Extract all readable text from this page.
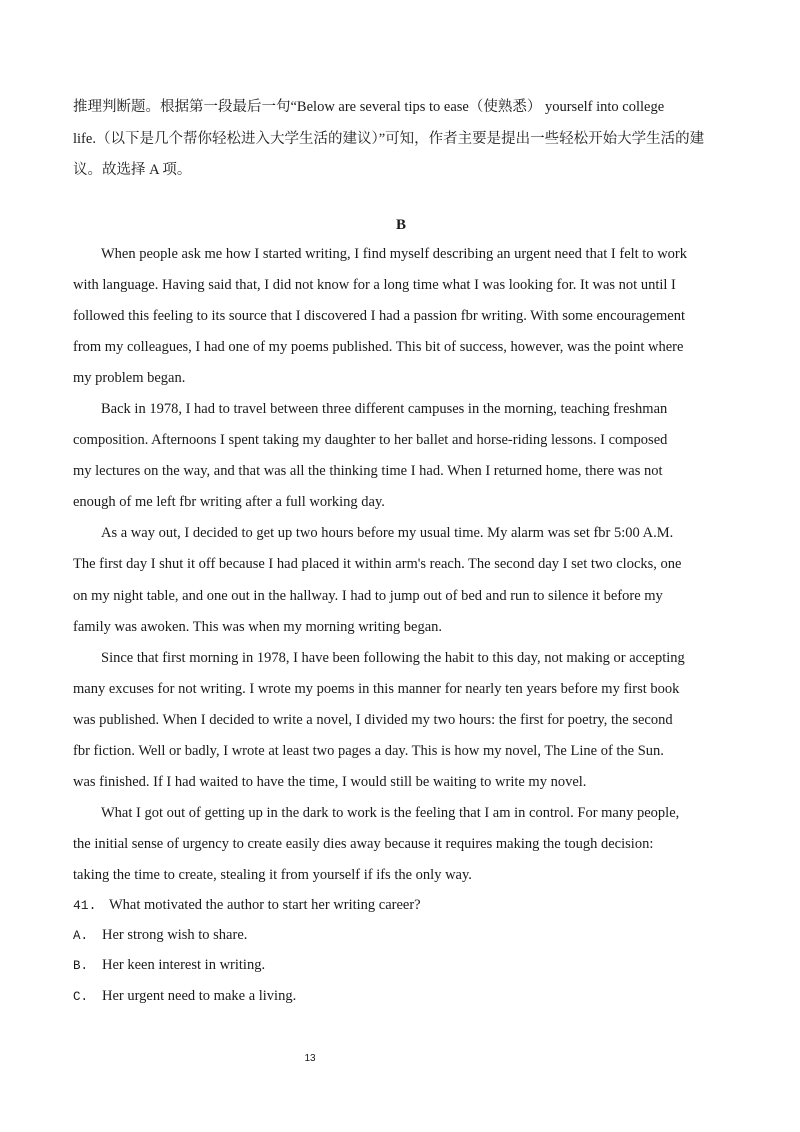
推理判断题。根据第一段最后一句“Below are several tips to ease（使熟悉） yourself into college
life.（以下是几个帮你轻松进入大学生活的建议）”可知，作者主要是提出一些轻松开始大学生活的建
议。故选择 A 项。
B
When people ask me how I started writing, I find myself describing an urgent need that I felt to work
with language. Having said that, I did not know for a long time what I was looking for. It was not until I
followed this feeling to its source that I discovered I had a passion fbr writing. With some encouragement
from my colleagues, I had one of my poems published. This bit of success, however, was the point where
my problem began.
Back in 1978, I had to travel between three different campuses in the morning, teaching freshman
composition. Afternoons I spent taking my daughter to her ballet and horse-riding lessons. I composed
my lectures on the way, and that was all the thinking time I had. When I returned home, there was not
enough of me left fbr writing after a full working day.
As a way out, I decided to get up two hours before my usual time. My alarm was set fbr 5:00 A.M.
The first day I shut it off because I had placed it within arm's reach. The second day I set two clocks, one
on my night table, and one out in the hallway. I had to jump out of bed and run to silence it before my
family was awoken. This was when my morning writing began.
Since that first morning in 1978, I have been following the habit to this day, not making or accepting
many excuses for not writing. I wrote my poems in this manner for nearly ten years before my first book
was published. When I decided to write a novel, I divided my two hours: the first for poetry, the second
fbr fiction. Well or badly, I wrote at least two pages a day. This is how my novel, The Line of the Sun.
was finished. If I had waited to have the time, I would still be waiting to write my novel.
What I got out of getting up in the dark to work is the feeling that I am in control. For many people,
the initial sense of urgency to create easily dies away because it requires making the tough decision:
taking the time to create, stealing it from yourself if ifs the only way.
41. What motivated the author to start her writing career?
A. Her strong wish to share.
B. Her keen interest in writing.
C. Her urgent need to make a living.
13
